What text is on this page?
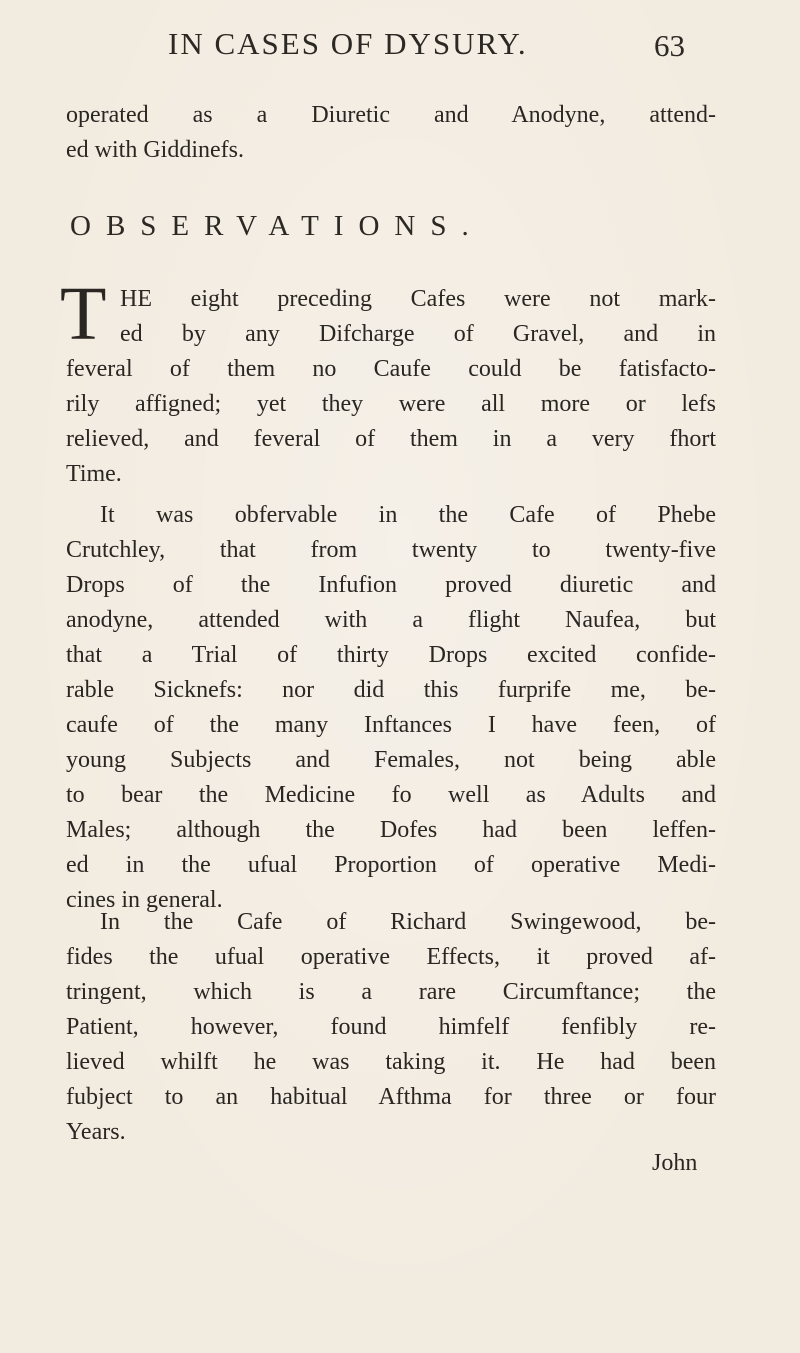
IN CASES OF DYSURY.	63
operated as a Diuretic and Anodyne, attend-
ed with Giddinefs.
OBSERVATIONS.
T HE eight preceding Cafes were not mark-
ed by any Difcharge of Gravel, and in
feveral of them no Caufe could be fatisfacto-
rily affigned; yet they were all more or lefs
relieved, and feveral of them in a very fhort
Time.
It was obfervable in the Cafe of Phebe
Crutchley, that from twenty to twenty-five
Drops of the Infufion proved diuretic and
anodyne, attended with a flight Naufea, but
that a Trial of thirty Drops excited confide-
rable Sicknefs: nor did this furprife me, be-
caufe of the many Inftances I have feen, of
young Subjects and Females, not being able
to bear the Medicine fo well as Adults and
Males; although the Dofes had been leffen-
ed in the ufual Proportion of operative Medi-
cines in general.
In the Cafe of Richard Swingewood, be-
fides the ufual operative Effects, it proved af-
tringent, which is a rare Circumftance; the
Patient, however, found himfelf fenfibly re-
lieved whilft he was taking it. He had been
fubject to an habitual Afthma for three or four
Years.
John
